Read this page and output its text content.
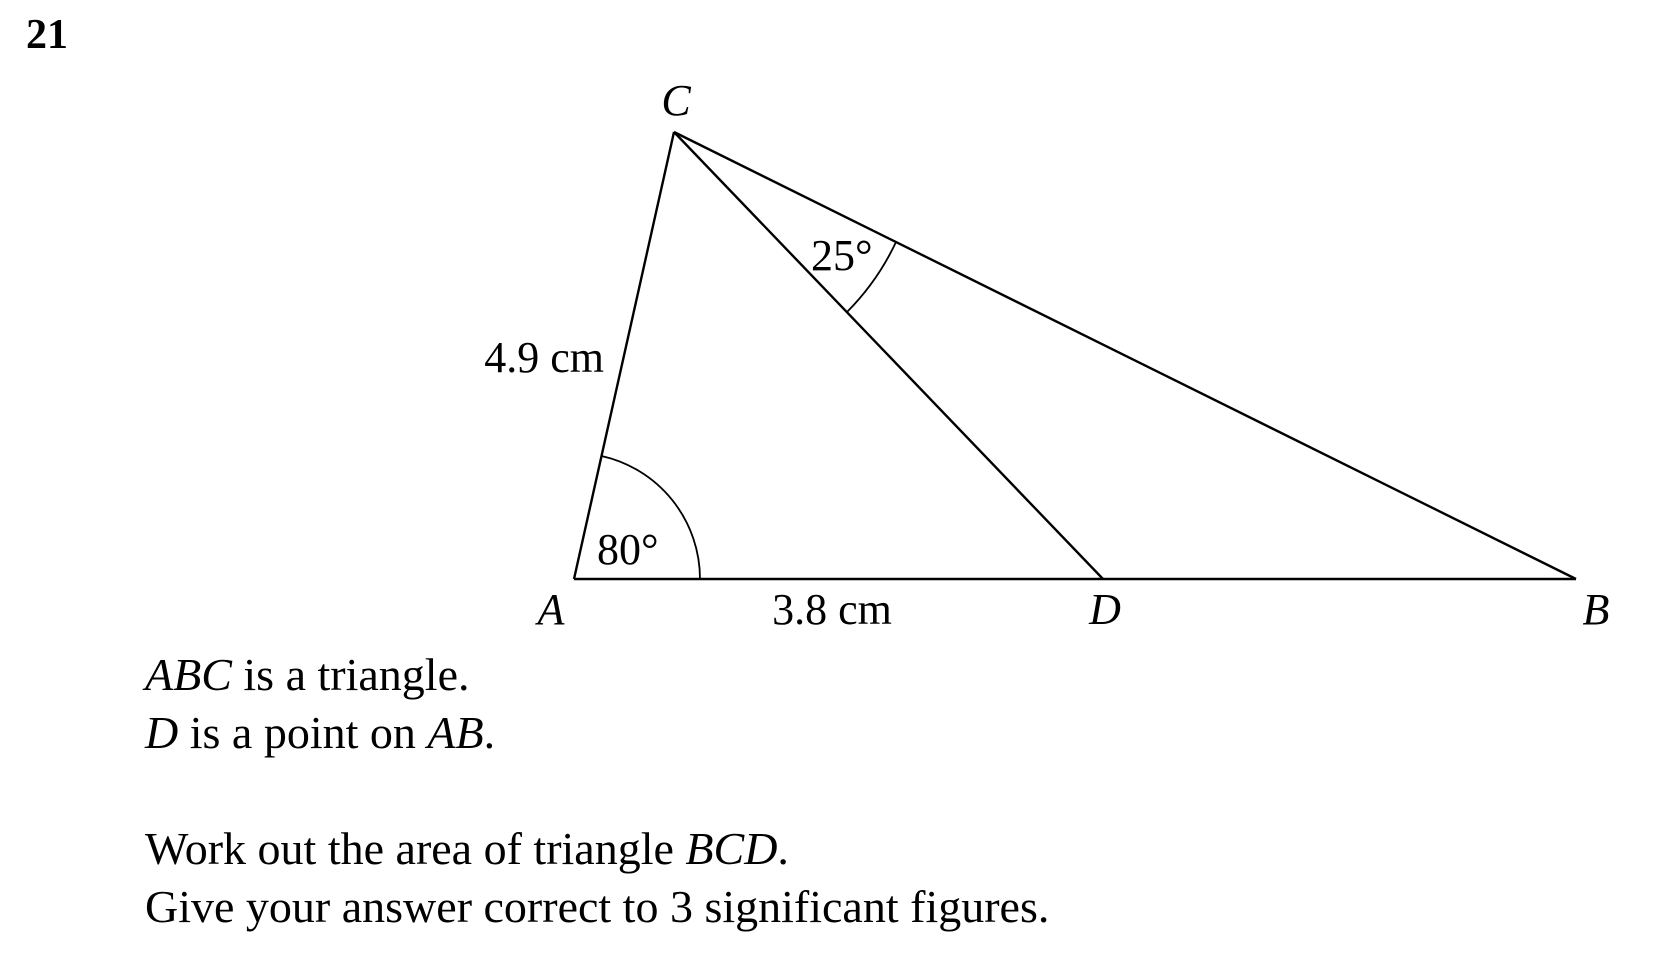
21
C
A	D	B
4.9 cm
3.8 cm
80°
25°

ABC is a triangle.

D is a point on AB.

Work out the area of triangle BCD.

Give your answer correct to 3 significant figures.
